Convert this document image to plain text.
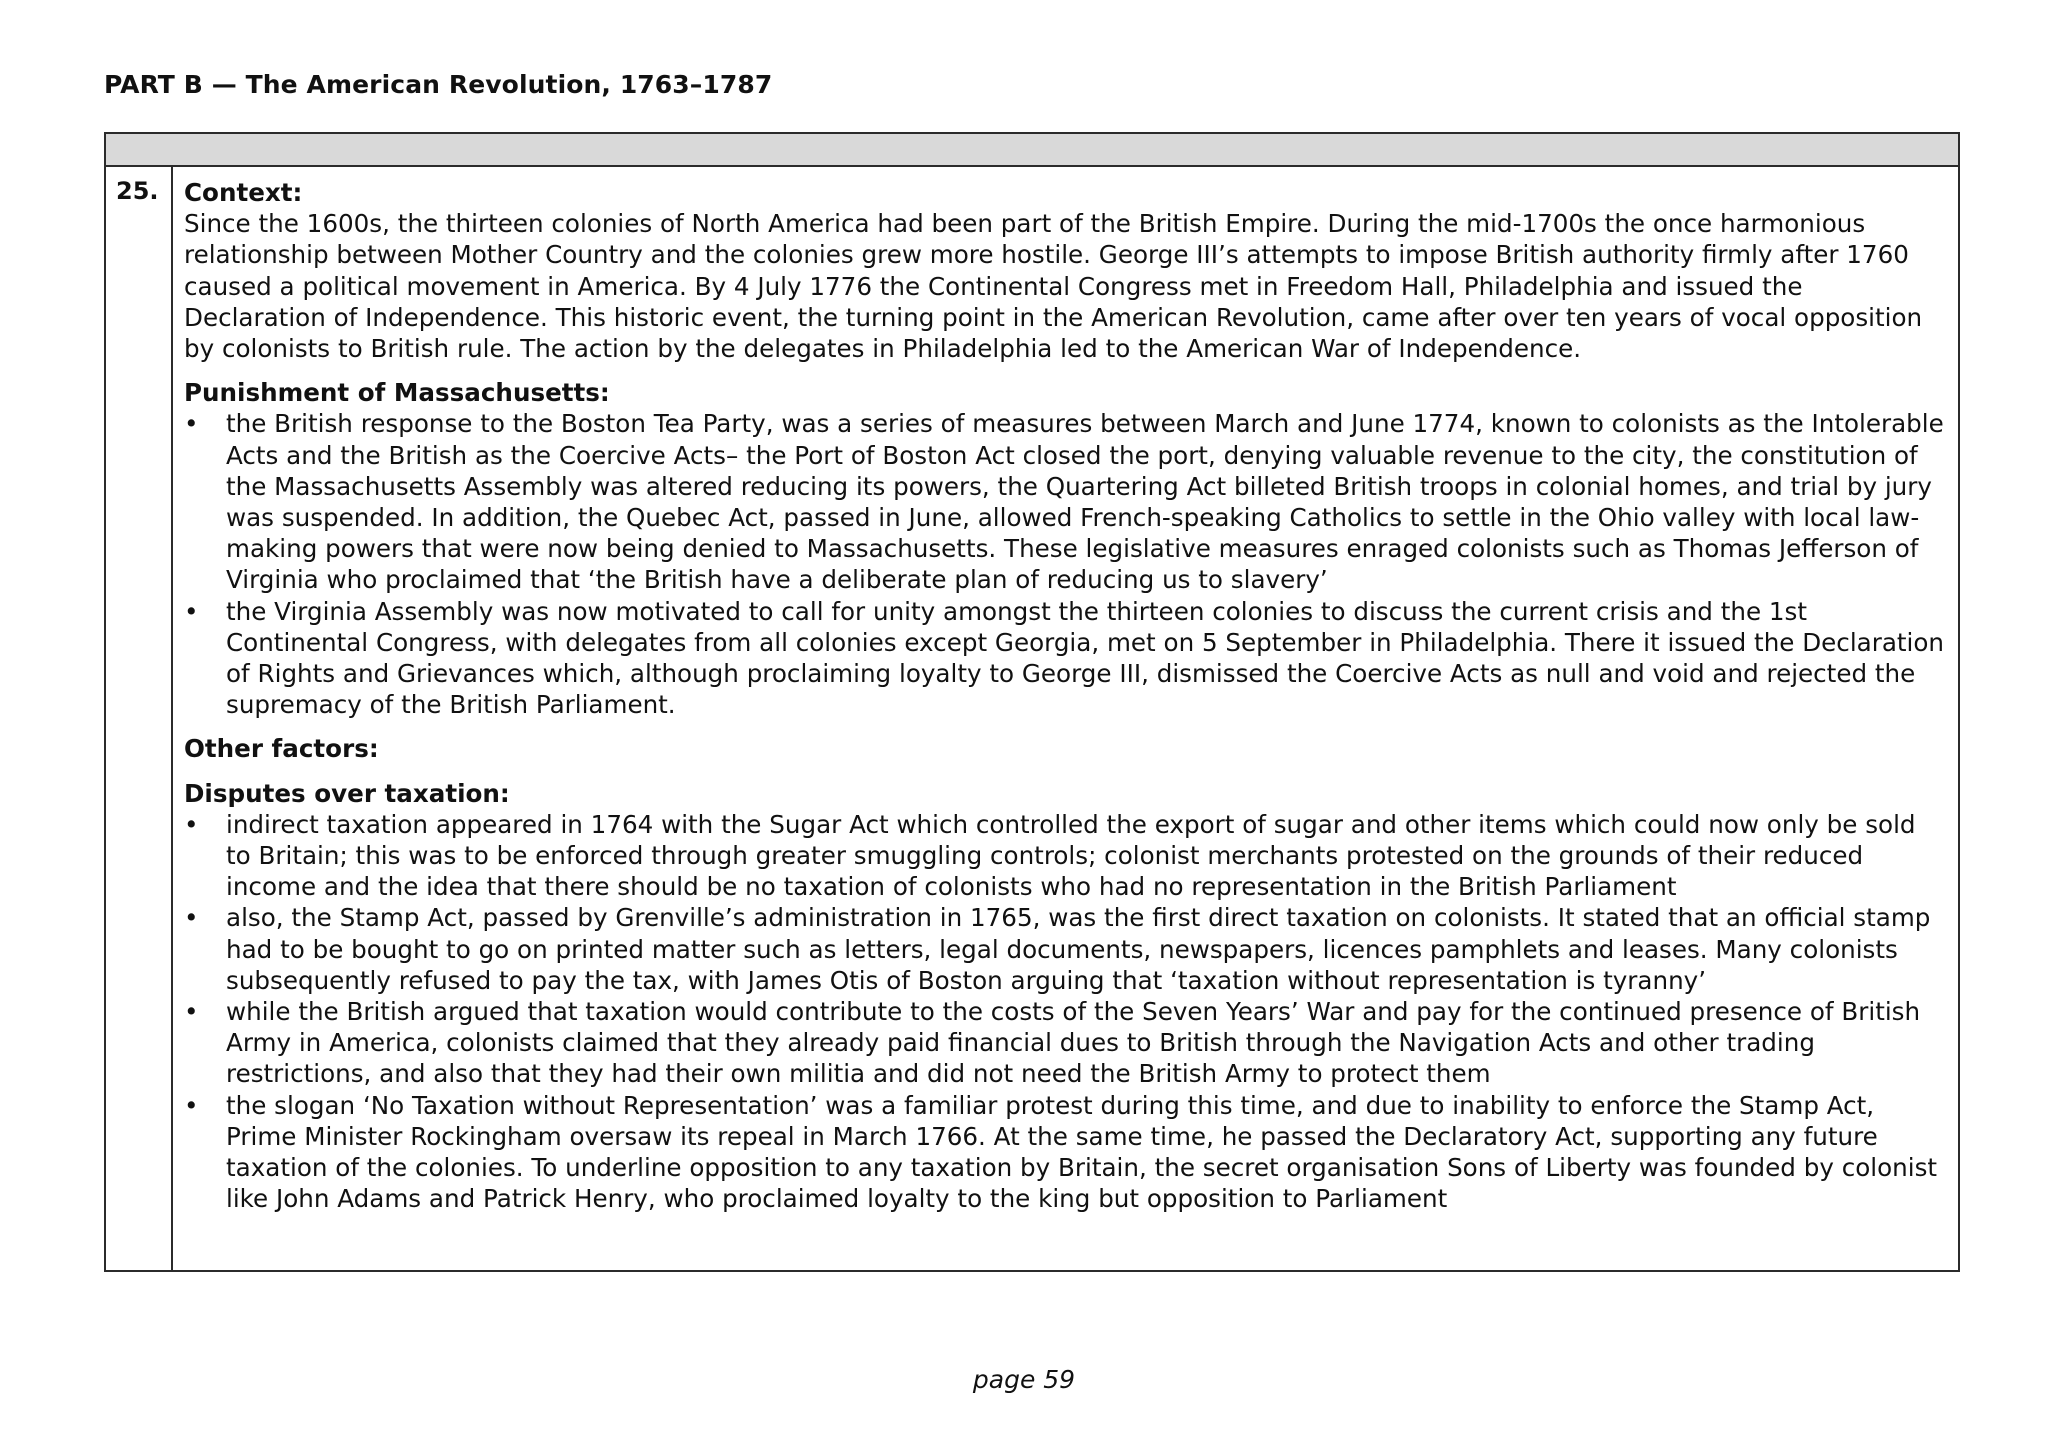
PART B — The American Revolution, 1763–1787
25.	Context:

Since the 1600s, the thirteen colonies of North America had been part of the British Empire. During the mid-1700s the once harmonious relationship between Mother Country and the colonies grew more hostile. George III’s attempts to impose British authority firmly after 1760 caused a political movement in America. By 4 July 1776 the Continental Congress met in Freedom Hall, Philadelphia and issued the Declaration of Independence. This historic event, the turning point in the American Revolution, came after over ten years of vocal opposition by colonists to British rule. The action by the delegates in Philadelphia led to the American War of Independence.

Punishment of Massachusetts:
•	the British response to the Boston Tea Party, was a series of measures between March and June 1774, known to colonists as the Intolerable Acts and the British as the Coercive Acts– the Port of Boston Act closed the port, denying valuable revenue to the city, the constitution of the Massachusetts Assembly was altered reducing its powers, the Quartering Act billeted British troops in colonial homes, and trial by jury was suspended. In addition, the Quebec Act, passed in June, allowed French-speaking Catholics to settle in the Ohio valley with local law-making powers that were now being denied to Massachusetts. These legislative measures enraged colonists such as Thomas Jefferson of Virginia who proclaimed that ‘the British have a deliberate plan of reducing us to slavery’
•	the Virginia Assembly was now motivated to call for unity amongst the thirteen colonies to discuss the current crisis and the 1st Continental Congress, with delegates from all colonies except Georgia, met on 5 September in Philadelphia. There it issued the Declaration of Rights and Grievances which, although proclaiming loyalty to George III, dismissed the Coercive Acts as null and void and rejected the supremacy of the British Parliament.
Other factors:
Disputes over taxation:
•	indirect taxation appeared in 1764 with the Sugar Act which controlled the export of sugar and other items which could now only be sold to Britain; this was to be enforced through greater smuggling controls; colonist merchants protested on the grounds of their reduced income and the idea that there should be no taxation of colonists who had no representation in the British Parliament
•	also, the Stamp Act, passed by Grenville’s administration in 1765, was the first direct taxation on colonists. It stated that an official stamp had to be bought to go on printed matter such as letters, legal documents, newspapers, licences pamphlets and leases. Many colonists subsequently refused to pay the tax, with James Otis of Boston arguing that ‘taxation without representation is tyranny’
•	while the British argued that taxation would contribute to the costs of the Seven Years’ War and pay for the continued presence of British Army in America, colonists claimed that they already paid financial dues to British through the Navigation Acts and other trading restrictions, and also that they had their own militia and did not need the British Army to protect them
•	the slogan ‘No Taxation without Representation’ was a familiar protest during this time, and due to inability to enforce the Stamp Act, Prime Minister Rockingham oversaw its repeal in March 1766. At the same time, he passed the Declaratory Act, supporting any future taxation of the colonies. To underline opposition to any taxation by Britain, the secret organisation Sons of Liberty was founded by colonist like John Adams and Patrick Henry, who proclaimed loyalty to the king but opposition to Parliament
page 59
